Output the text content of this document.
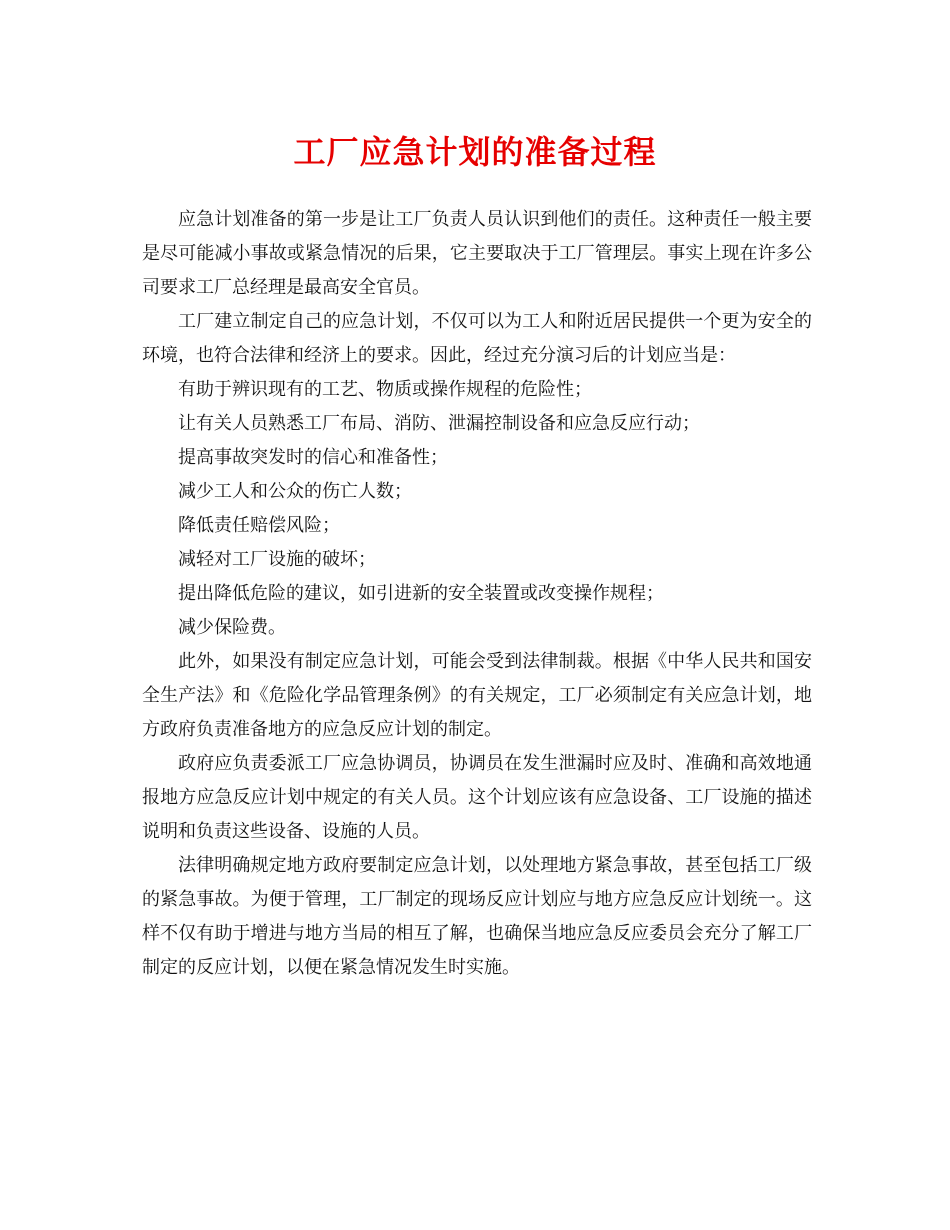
工厂应急计划的准备过程

应急计划准备的第一步是让工厂负责人员认识到他们的责任。这种责任一般主要是尽可能减小事故或紧急情况的后果，它主要取决于工厂管理层。事实上现在许多公司要求工厂总经理是最高安全官员。

工厂建立制定自己的应急计划，不仅可以为工人和附近居民提供一个更为安全的环境，也符合法律和经济上的要求。因此，经过充分演习后的计划应当是：

有助于辨识现有的工艺、物质或操作规程的危险性；

让有关人员熟悉工厂布局、消防、泄漏控制设备和应急反应行动；

提高事故突发时的信心和准备性；

减少工人和公众的伤亡人数；

降低责任赔偿风险；

减轻对工厂设施的破坏；

提出降低危险的建议，如引进新的安全装置或改变操作规程；

减少保险费。

此外，如果没有制定应急计划，可能会受到法律制裁。根据《中华人民共和国安全生产法》和《危险化学品管理条例》的有关规定，工厂必须制定有关应急计划，地方政府负责准备地方的应急反应计划的制定。

政府应负责委派工厂应急协调员，协调员在发生泄漏时应及时、准确和高效地通报地方应急反应计划中规定的有关人员。这个计划应该有应急设备、工厂设施的描述说明和负责这些设备、设施的人员。

法律明确规定地方政府要制定应急计划，以处理地方紧急事故，甚至包括工厂级的紧急事故。为便于管理，工厂制定的现场反应计划应与地方应急反应计划统一。这样不仅有助于增进与地方当局的相互了解，也确保当地应急反应委员会充分了解工厂制定的反应计划，以便在紧急情况发生时实施。
